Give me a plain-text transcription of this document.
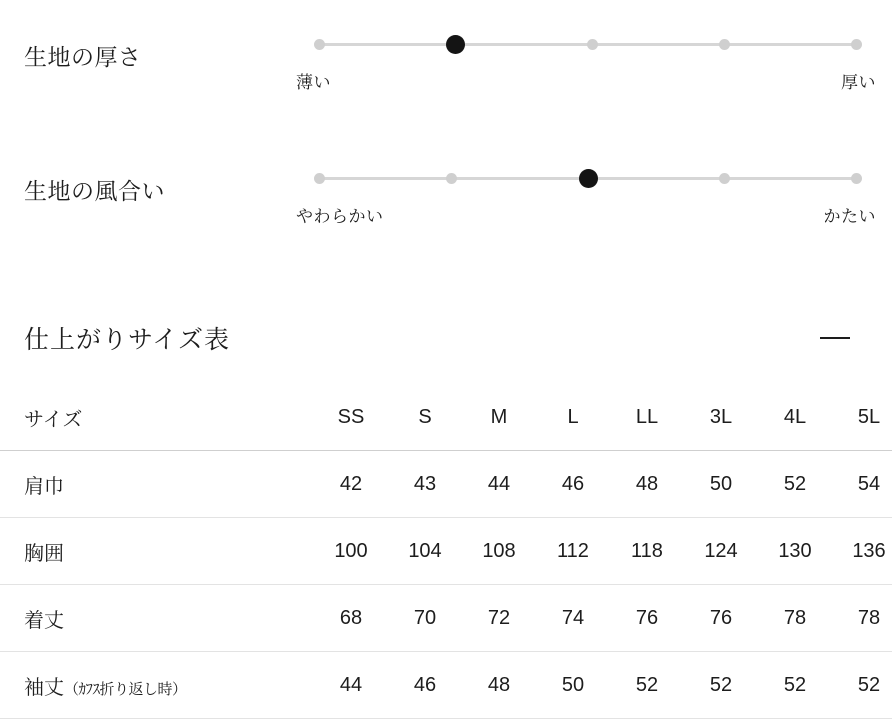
生地の厚さ
薄い	厚い
生地の風合い
やわらかい	かたい
仕上がりサイズ表
サイズ	SS	S	M	L	LL	3L	4L	5L
肩巾	42	43	44	46	48	50	52	54
胸囲	100	104	108	112	118	124	130	136
着丈	68	70	72	74	76	76	78	78
袖丈（ｶﾌｽ折り返し時）	44	46	48	50	52	52	52	52
